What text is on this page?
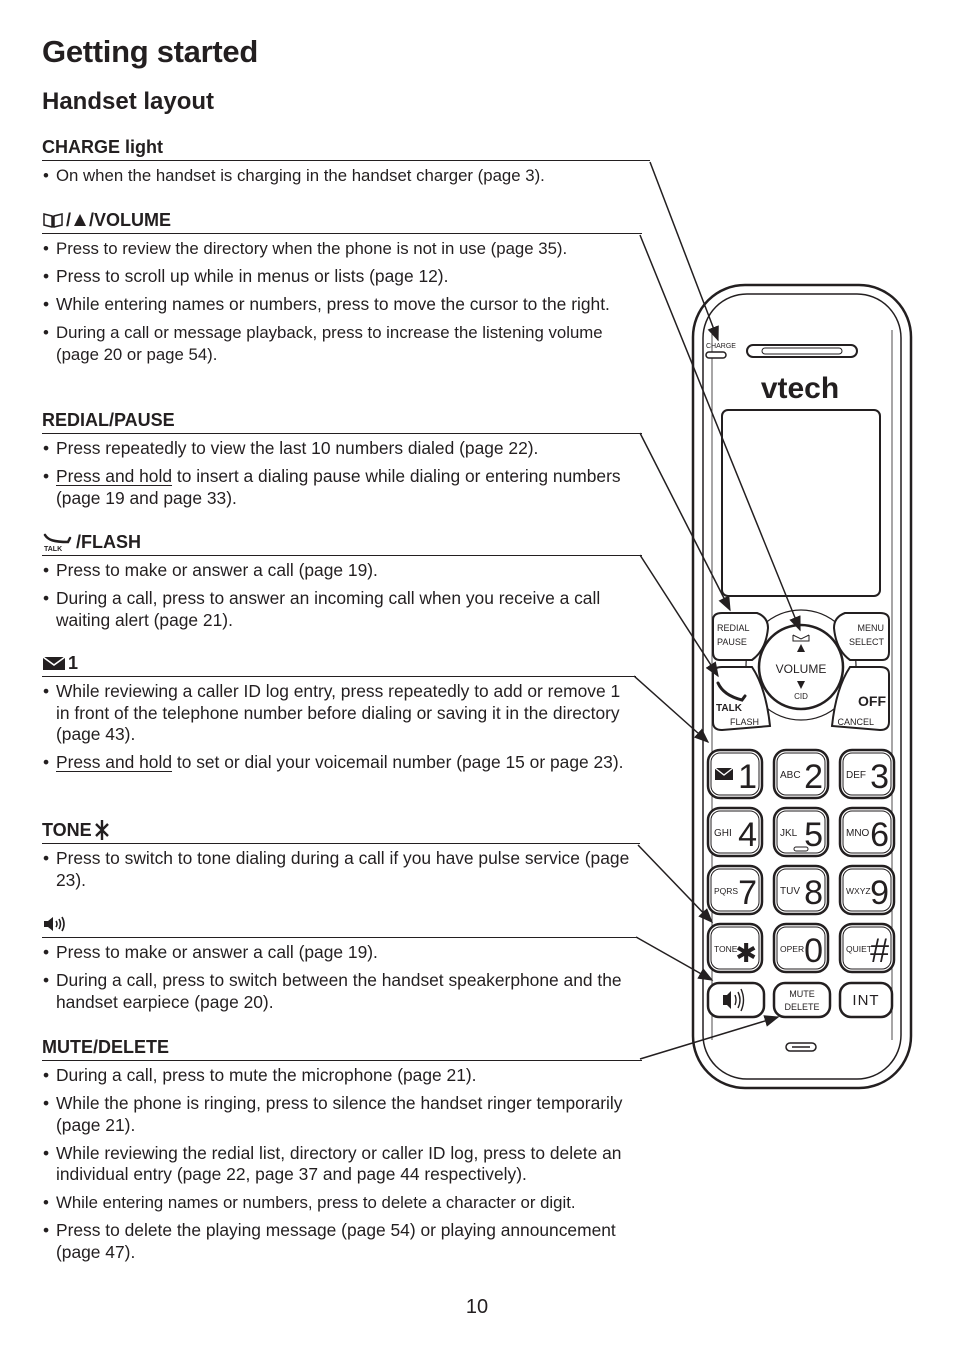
Getting started
Handset layout
CHARGE light
• On when the handset is charging in the handset charger (page 3).
/ /VOLUME
• Press to review the directory when the phone is not in use (page 35).
• Press to scroll up while in menus or lists (page 12).
• While entering names or numbers, press to move the cursor to the right.
• During a call or message playback, press to increase the listening volume (page 20 or page 54).
REDIAL/PAUSE
• Press repeatedly to view the last 10 numbers dialed (page 22).
• Press and hold to insert a dialing pause while dialing or entering numbers (page 19 and page 33).
TALK /FLASH
• Press to make or answer a call (page 19).
• During a call, press to answer an incoming call when you receive a call waiting alert (page 21).
1
• While reviewing a caller ID log entry, press repeatedly to add or remove 1 in front of the telephone number before dialing or saving it in the directory (page 43).
• Press and hold to set or dial your voicemail number (page 15 or page 23).
TONE
• Press to switch to tone dialing during a call if you have pulse service (page 23).
• Press to make or answer a call (page 19).
• During a call, press to switch between the handset speakerphone and the handset earpiece (page 20).
MUTE/DELETE
• During a call, press to mute the microphone (page 21).
• While the phone is ringing, press to silence the handset ringer temporarily (page 21).
• While reviewing the redial list, directory or caller ID log, press to delete an individual entry (page 22, page 37 and page 44 respectively).
• While entering names or numbers, press to delete a character or digit.
• Press to delete the playing message (page 54) or playing announcement (page 47).
10
CHARGE
vtech
VOLUME
CID
REDIAL
PAUSE
MENU
SELECT
TALK
FLASH
OFF
CANCEL
1 ABC 2 DEF 3
GHI 4 JKL 5 MNO 6
PQRS 7 TUV 8	WXYZ 9
TONE
✱	OPER 0	QUIET
#
MUTE
DELETE INT
